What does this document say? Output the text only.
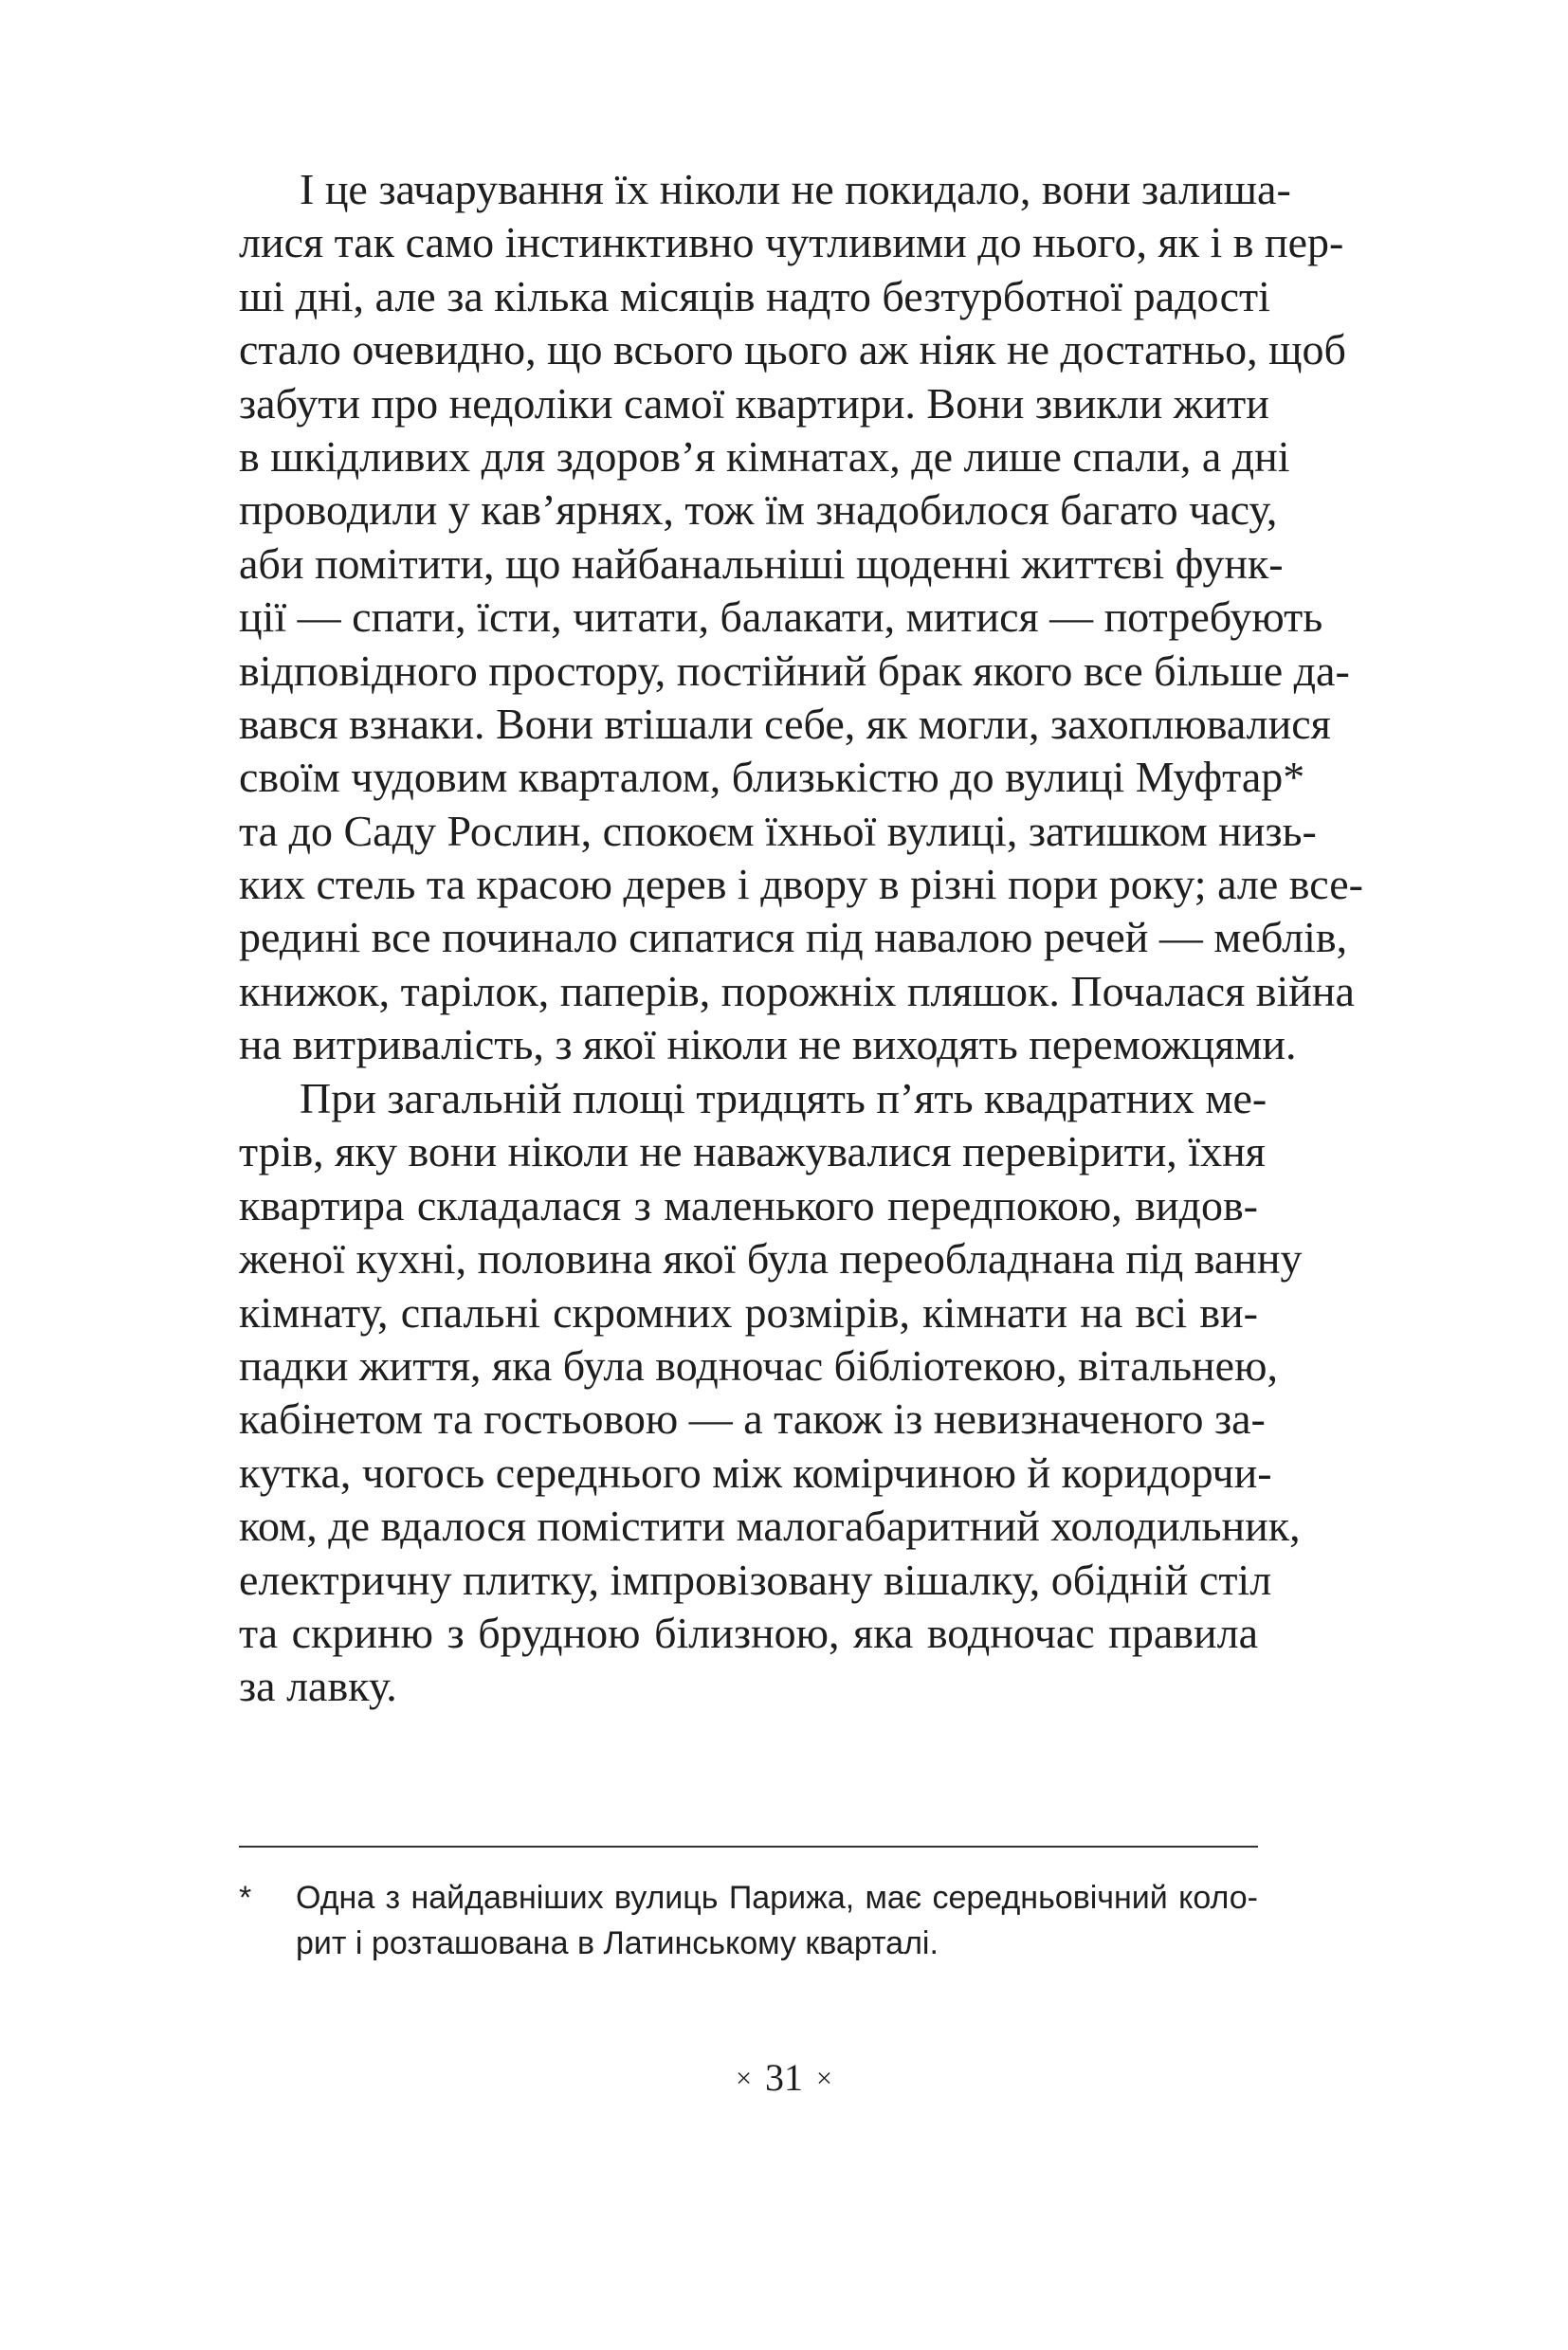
І це зачарування їх ніколи не покидало, вони залиша-
лися так само інстинктивно чутливими до нього, як і в пер-
ші дні, але за кілька місяців надто безтурботної радості
стало очевидно, що всього цього аж ніяк не достатньо, щоб
забути про недоліки самої квартири. Вони звикли жити
в шкідливих для здоров’я кімнатах, де лише спали, а дні
проводили у кав’ярнях, тож їм знадобилося багато часу,
аби помітити, що найбанальніші щоденні життєві функ-
ції — спати, їсти, читати, балакати, митися — потребують
відповідного простору, постійний брак якого все більше да-
вався взнаки. Вони втішали себе, як могли, захоплювалися
своїм чудовим кварталом, близькістю до вулиці Муфтар*
та до Саду Рослин, спокоєм їхньої вулиці, затишком низь-
ких стель та красою дерев і двору в різні пори року; але все-
редині все починало сипатися під навалою речей — меблів,
книжок, тарілок, паперів, порожніх пляшок. Почалася війна
на витривалість, з якої ніколи не виходять переможцями.
При загальній площі тридцять п’ять квадратних ме-
трів, яку вони ніколи не наважувалися перевірити, їхня
квартира складалася з маленького передпокою, видов-
женої кухні, половина якої була переобладнана під ванну
кімнату, спальні скромних розмірів, кімнати на всі ви-
падки життя, яка була водночас бібліотекою, вітальнею,
кабінетом та гостьовою — а також із невизначеного за-
кутка, чогось середнього між комірчиною й коридорчи-
ком, де вдалося помістити малогабаритний холодильник,
електричну плитку, імпровізовану вішалку, обідній стіл
та скриню з брудною білизною, яка водночас правила
за лавку.
* Одна з найдавніших вулиць Парижа, має середньовічний коло-
рит і розташована в Латинському кварталі.
× 31 ×
